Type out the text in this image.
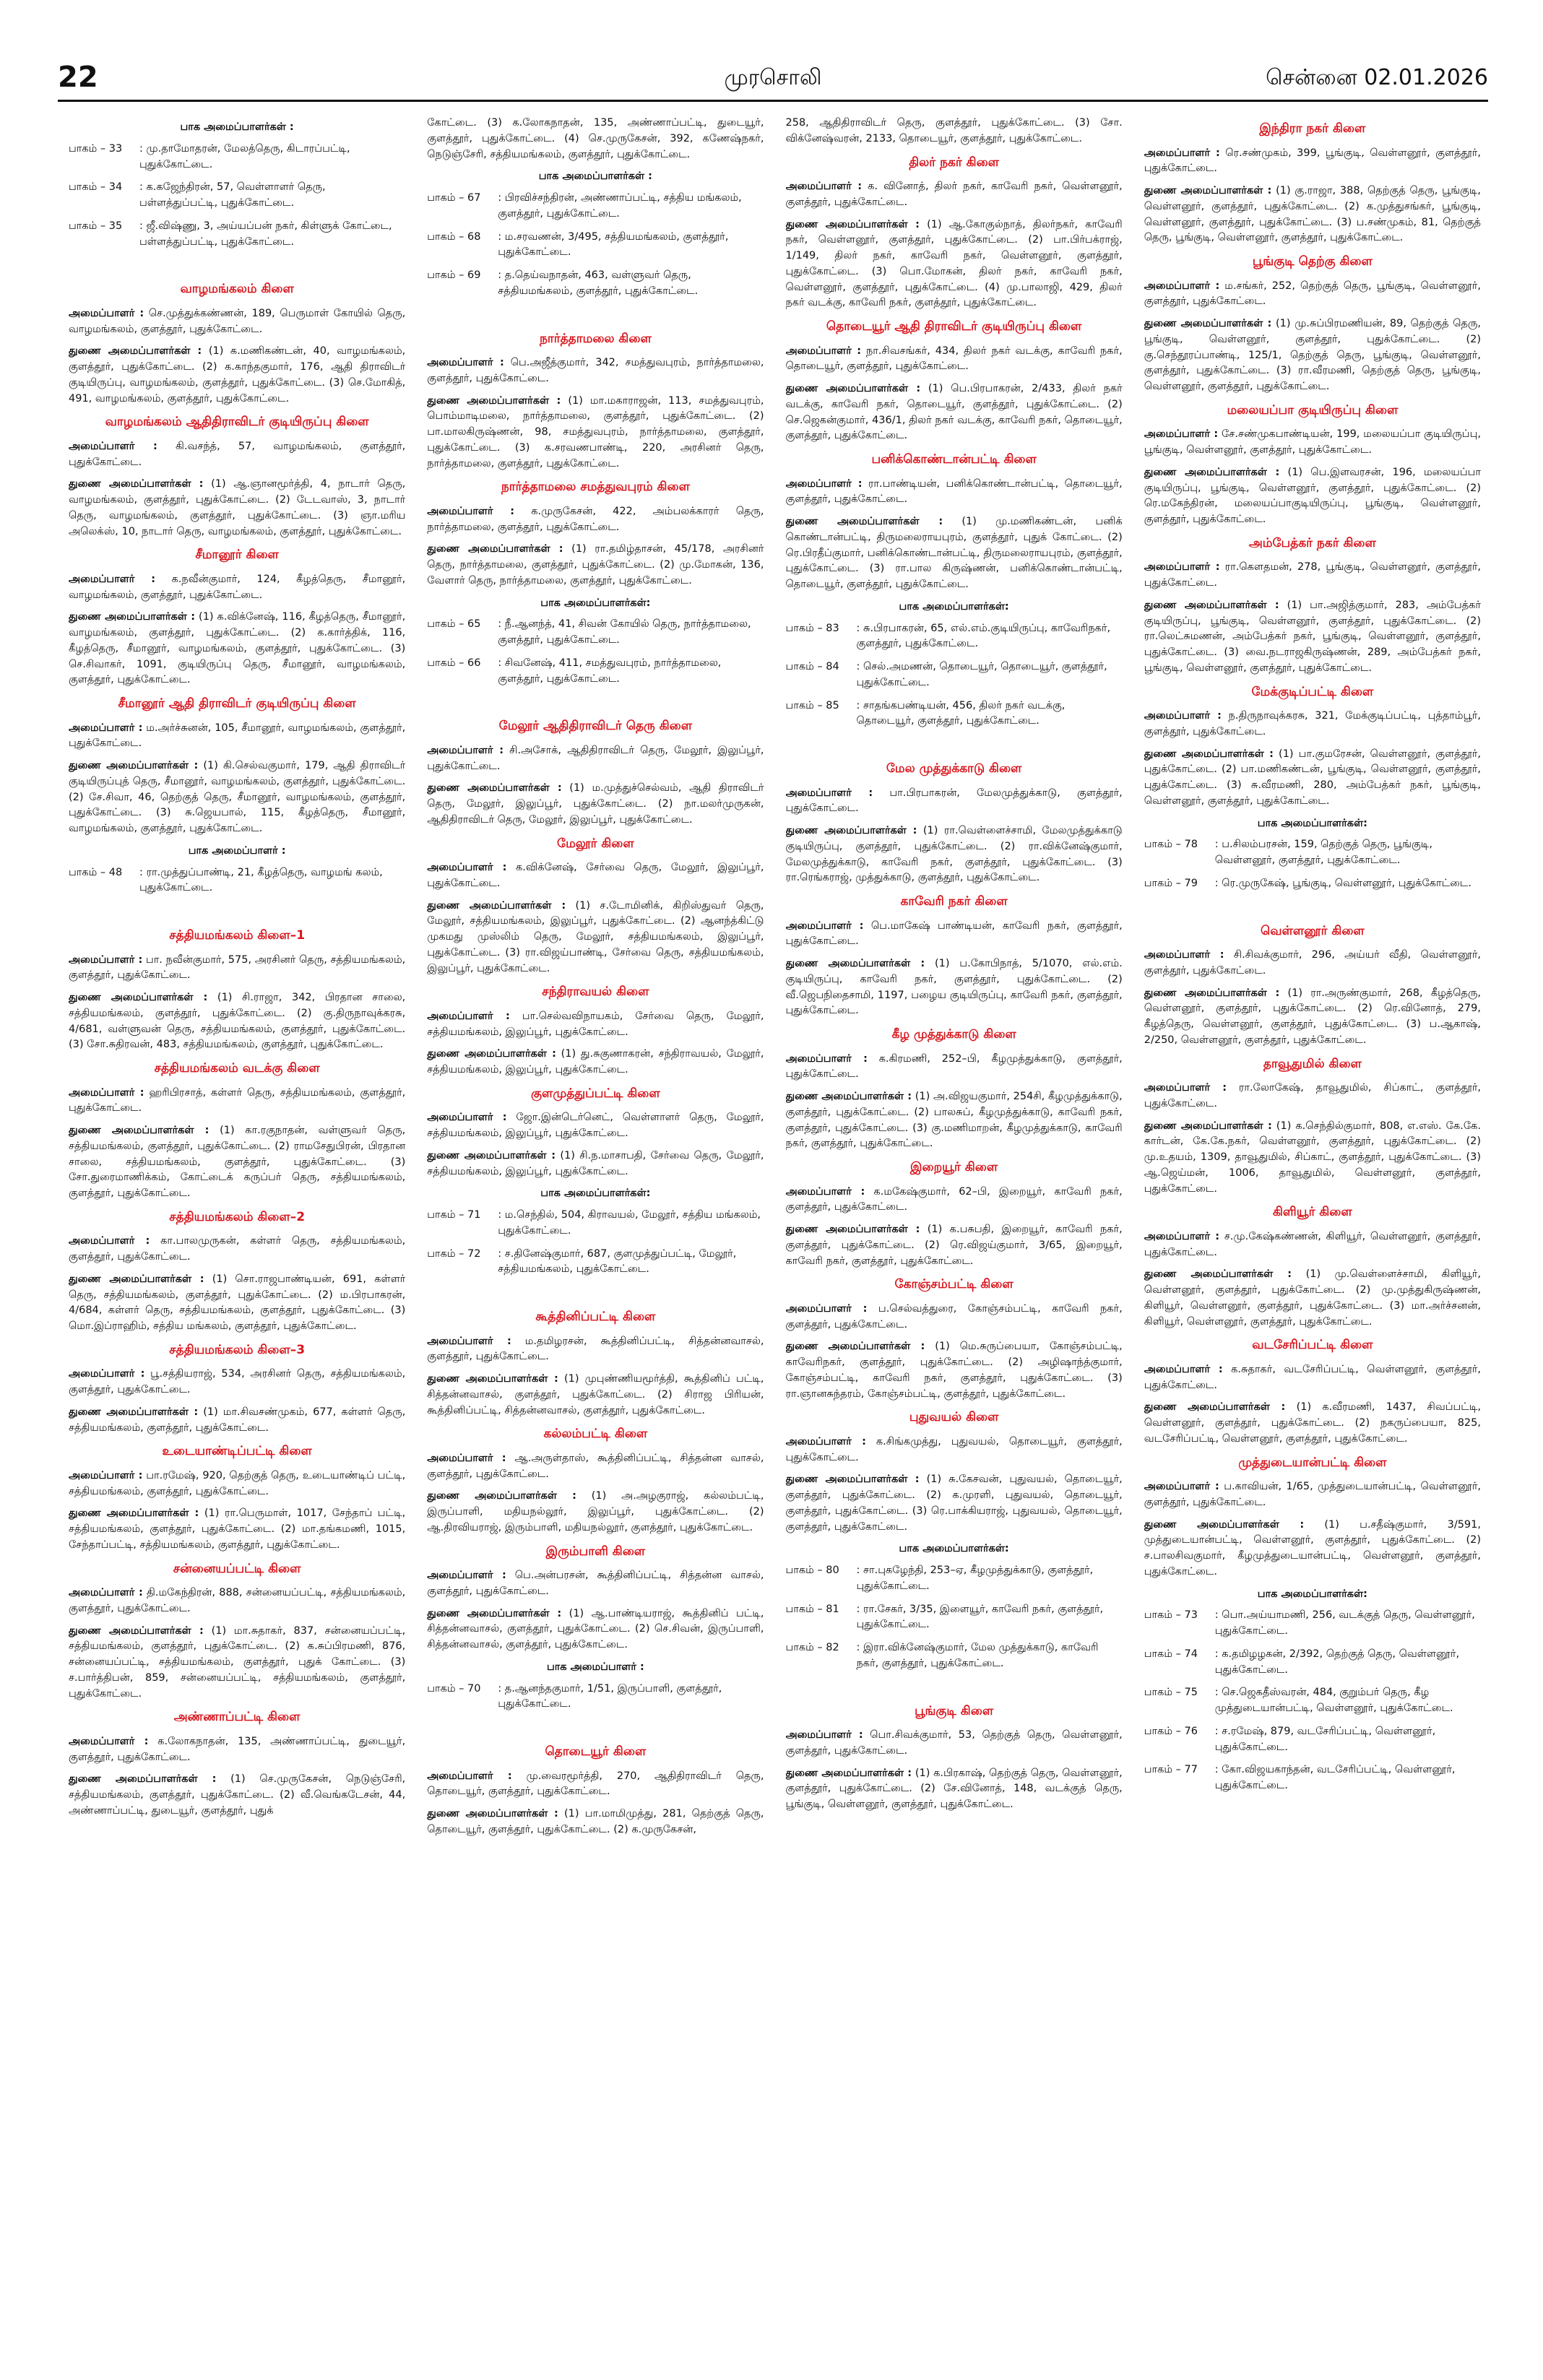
22	முரசொலி	சென்னை 02.01.2026
பாக அமைப்பாளர்கள் :
பாகம் – 33	: மு.தாமோதரன், மேலத்தெரு, கிடாரப்பட்டி, புதுக்கோட்டை.
பாகம் – 34	: க.கஜேந்திரன், 57, வெள்ளாளர் தெரு, பள்ளத்துப்பட்டி, புதுக்கோட்டை.
பாகம் – 35	: ஜீ.விஷ்ணு, 3, அய்யப்பன் நகர், கிள்ளுக் கோட்டை, பள்ளத்துப்பட்டி, புதுக்கோட்டை.
வாழமங்கலம் கிளை
அமைப்பாளர் : செ.முத்துக்கண்ணன், 189, பெருமாள் கோயில் தெரு, வாழமங்கலம், குளத்தூர், புதுக்கோட்டை.
துணை அமைப்பாளர்கள் : (1) க.மணிகண்டன், 40, வாழமங்கலம், குளத்தூர், புதுக்கோட்டை. (2) க.காந்தகுமார், 176, ஆதி திராவிடர் குடியிருப்பு, வாழமங்கலம், குளத்தூர், புதுக்கோட்டை. (3) செ.மோகித், 491, வாழமங்கலம், குளத்தூர், புதுக்கோட்டை.
வாழமங்கலம் ஆதிதிராவிடர் குடியிருப்பு கிளை
அமைப்பாளர் : கி.வசந்த், 57, வாழமங்கலம், குளத்தூர், புதுக்கோட்டை.
துணை அமைப்பாளர்கள் : (1) ஆ.ஞானமூர்த்தி, 4, நாடார் தெரு, வாழமங்கலம், குளத்தூர், புதுக்கோட்டை. (2) டேடவாஸ், 3, நாடார் தெரு, வாழமங்கலம், குளத்தூர், புதுக்கோட்டை. (3) ஞா.மரிய அலெக்ஸ், 10, நாடார் தெரு, வாழமங்கலம், குளத்தூர், புதுக்கோட்டை.
சீமானூர் கிளை
அமைப்பாளர் : க.நவீன்குமார், 124, கீழத்தெரு, சீமானூர், வாழமங்கலம், குளத்தூர், புதுக்கோட்டை.
துணை அமைப்பாளர்கள் : (1) க.விக்னேஷ், 116, கீழத்தெரு, சீமானூர், வாழமங்கலம், குளத்தூர், புதுக்கோட்டை. (2) க.கார்த்திக், 116, கீழத்தெரு, சீமானூர், வாழமங்கலம், குளத்தூர், புதுக்கோட்டை. (3) செ.சிவாகர், 1091, குடியிருப்பு தெரு, சீமானூர், வாழமங்கலம், குளத்தூர், புதுக்கோட்டை.
சீமானூர் ஆதி திராவிடர் குடியிருப்பு கிளை
அமைப்பாளர் : ம.அர்ச்சுனன், 105, சீமானூர், வாழமங்கலம், குளத்தூர், புதுக்கோட்டை.
துணை அமைப்பாளர்கள் : (1) கி.செல்வகுமார், 179, ஆதி திராவிடர் குடியிருப்புத் தெரு, சீமானூர், வாழமங்கலம், குளத்தூர், புதுக்கோட்டை. (2) சே.சிவா, 46, தெற்குத் தெரு, சீமானூர், வாழமங்கலம், குளத்தூர், புதுக்கோட்டை. (3) சு.ஜெயபால், 115, கீழத்தெரு, சீமானூர், வாழமங்கலம், குளத்தூர், புதுக்கோட்டை.
பாக அமைப்பாளர் :
பாகம் – 48	: ரா.முத்துப்பாண்டி, 21, கீழத்தெரு, வாழமங் கலம், புதுக்கோட்டை.
சத்தியமங்கலம் கிளை–1
அமைப்பாளர் : பா. நவீன்குமார், 575, அரசினர் தெரு, சத்தியமங்கலம், குளத்தூர், புதுக்கோட்டை.
துணை அமைப்பாளர்கள் : (1) சி.ராஜா, 342, பிரதான சாலை, சத்தியமங்கலம், குளத்தூர், புதுக்கோட்டை. (2) கு.திருநாவுக்கரசு, 4/681, வள்ளுவன் தெரு, சத்தியமங்கலம், குளத்தூர், புதுக்கோட்டை. (3) சோ.சுதிரவன், 483, சத்தியமங்கலம், குளத்தூர், புதுக்கோட்டை.
சத்தியமங்கலம் வடக்கு கிளை
அமைப்பாளர் : ஹரிபிரசாத், கள்ளர் தெரு, சத்தியமங்கலம், குளத்தூர், புதுக்கோட்டை.
துணை அமைப்பாளர்கள் : (1) கா.ரகுநாதன், வள்ளுவர் தெரு, சத்தியமங்கலம், குளத்தூர், புதுக்கோட்டை. (2) ராமசேதுபிரன், பிரதான சாலை, சத்தியமங்கலம், குளத்தூர், புதுக்கோட்டை. (3) சோ.துரைமாணிக்கம், கோட்டைக் கருப்பர் தெரு, சத்தியமங்கலம், குளத்தூர், புதுக்கோட்டை.
சத்தியமங்கலம் கிளை–2
அமைப்பாளர் : கா.பாலமுருகன், கள்ளர் தெரு, சத்தியமங்கலம், குளத்தூர், புதுக்கோட்டை.
துணை அமைப்பாளர்கள் : (1) சொ.ராஜபாண்டியன், 691, கள்ளர் தெரு, சத்தியமங்கலம், குளத்தூர், புதுக்கோட்டை. (2) ம.பிரபாகரன், 4/684, கள்ளர் தெரு, சத்தியமங்கலம், குளத்தூர், புதுக்கோட்டை. (3) மொ.இப்ராஹிம், சத்திய மங்கலம், குளத்தூர், புதுக்கோட்டை.
சத்தியமங்கலம் கிளை–3
அமைப்பாளர் : பூ.சத்தியராஜ், 534, அரசினர் தெரு, சத்தியமங்கலம், குளத்தூர், புதுக்கோட்டை.
துணை அமைப்பாளர்கள் : (1) மா.சிவசண்முகம், 677, கள்ளர் தெரு, சத்தியமங்கலம், குளத்தூர், புதுக்கோட்டை.
உடையாண்டிப்பட்டி கிளை
அமைப்பாளர் : பா.ரமேஷ், 920, தெற்குத் தெரு, உடையாண்டிப் பட்டி, சத்தியமங்கலம், குளத்தூர், புதுக்கோட்டை.
துணை அமைப்பாளர்கள் : (1) ரா.பெருமாள், 1017, சேந்தாப் பட்டி, சத்தியமங்கலம், குளத்தூர், புதுக்கோட்டை. (2) மா.தங்கமணி, 1015, சேந்தாப்பட்டி, சத்தியமங்கலம், குளத்தூர், புதுக்கோட்டை.
சன்னையப்பட்டி கிளை
அமைப்பாளர் : தி.மகேந்திரன், 888, சன்னையப்பட்டி, சத்தியமங்கலம், குளத்தூர், புதுக்கோட்டை.
துணை அமைப்பாளர்கள் : (1) மா.சுதாகர், 837, சன்னையப்பட்டி, சத்தியமங்கலம், குளத்தூர், புதுக்கோட்டை. (2) க.சுப்பிரமணி, 876, சன்னையப்பட்டி, சத்தியமங்கலம், குளத்தூர், புதுக் கோட்டை. (3) ச.பார்த்திபன், 859, சன்னையப்பட்டி, சத்தியமங்கலம், குளத்தூர், புதுக்கோட்டை.
அண்ணாப்பட்டி கிளை
அமைப்பாளர் : க.லோகநாதன், 135, அண்ணாப்பட்டி, துடையூர், குளத்தூர், புதுக்கோட்டை.
துணை அமைப்பாளர்கள் : (1) செ.முருகேசன், நெடுஞ்சேரி, சத்தியமங்கலம், குளத்தூர், புதுக்கோட்டை. (2) வீ.வெங்கடேசன், 44, அண்ணாப்பட்டி, துடையூர், குளத்தூர், புதுக்
கோட்டை. (3) க.லோகநாதன், 135, அண்ணாப்பட்டி, துடையூர், குளத்தூர், புதுக்கோட்டை. (4) செ.முருகேசன், 392, கணேஷ்நகர், நெடுஞ்சேரி, சத்தியமங்கலம், குளத்தூர், புதுக்கோட்டை.
பாக அமைப்பாளர்கள் :
பாகம் – 67	: பிரவிச்சந்திரன், அண்ணாப்பட்டி, சத்திய மங்கலம், குளத்தூர், புதுக்கோட்டை.
பாகம் – 68	: ம.சரவணன், 3/495, சத்தியமங்கலம், குளத்தூர், புதுக்கோட்டை.
பாகம் – 69	: த.தெய்வநாதன், 463, வள்ளுவர் தெரு, சத்தியமங்கலம், குளத்தூர், புதுக்கோட்டை.
நார்த்தாமலை கிளை
அமைப்பாளர் : பெ.அஜீத்குமார், 342, சமத்துவபுரம், நார்த்தாமலை, குளத்தூர், புதுக்கோட்டை.
துணை அமைப்பாளர்கள் : (1) மா.மகாராஜன், 113, சமத்துவபுரம், பொம்மாடிமலை, நார்த்தாமலை, குளத்தூர், புதுக்கோட்டை. (2) பா.மாலகிருஷ்ணன், 98, சமத்துவபுரம், நார்த்தாமலை, குளத்தூர், புதுக்கோட்டை. (3) க.சரவணபாண்டி, 220, அரசினர் தெரு, நார்த்தாமலை, குளத்தூர், புதுக்கோட்டை.
நார்த்தாமலை சமத்துவபுரம் கிளை
அமைப்பாளர் : க.முருகேசன், 422, அம்பலக்காரர் தெரு, நார்த்தாமலை, குளத்தூர், புதுக்கோட்டை.
துணை அமைப்பாளர்கள் : (1) ரா.தமிழ்தாசன், 45/178, அரசினர் தெரு, நார்த்தாமலை, குளத்தூர், புதுக்கோட்டை. (2) மு.மோகன், 136, வேளார் தெரு, நார்த்தாமலை, குளத்தூர், புதுக்கோட்டை.
பாக அமைப்பாளர்கள்:
பாகம் – 65	: நீ.ஆனந்த், 41, சிவன் கோயில் தெரு, நார்த்தாமலை, குளத்தூர், புதுக்கோட்டை.
பாகம் – 66	: சிவனேஷ், 411, சமத்துவபுரம், நார்த்தாமலை, குளத்தூர், புதுக்கோட்டை.
மேலூர் ஆதிதிராவிடர் தெரு கிளை
அமைப்பாளர் : சி.அசோக், ஆதிதிராவிடர் தெரு, மேலூர், இலுப்பூர், புதுக்கோட்டை.
துணை அமைப்பாளர்கள் : (1) ம.முத்துச்செல்வம், ஆதி திராவிடர் தெரு, மேலூர், இலுப்பூர், புதுக்கோட்டை. (2) நா.மலர்முருகன், ஆதிதிராவிடர் தெரு, மேலூர், இலுப்பூர், புதுக்கோட்டை.
மேலூர் கிளை
அமைப்பாளர் : க.விக்னேஷ், சேர்வை தெரு, மேலூர், இலுப்பூர், புதுக்கோட்டை.
துணை அமைப்பாளர்கள் : (1) ச.டோமினிக், கிறிஸ்துவர் தெரு, மேலூர், சத்தியமங்கலம், இலுப்பூர், புதுக்கோட்டை. (2) ஆனந்த்கிட்டு முகமது முஸ்லிம் தெரு, மேலூர், சத்தியமங்கலம், இலுப்பூர், புதுக்கோட்டை. (3) ரா.விஜய்பாண்டி, சேர்வை தெரு, சத்தியமங்கலம், இலுப்பூர், புதுக்கோட்டை.
சந்திராவயல் கிளை
அமைப்பாளர் : பா.செல்வவிநாயகம், சேர்வை தெரு, மேலூர், சத்தியமங்கலம், இலுப்பூர், புதுக்கோட்டை.
துணை அமைப்பாளர்கள் : (1) து.சுகுணாகரன், சந்திராவயல், மேலூர், சத்தியமங்கலம், இலுப்பூர், புதுக்கோட்டை.
குளமுத்துப்பட்டி கிளை
அமைப்பாளர் : ஜோ.இன்டெர்னெட், வெள்ளாளர் தெரு, மேலூர், சத்தியமங்கலம், இலுப்பூர், புதுக்கோட்டை.
துணை அமைப்பாளர்கள் : (1) சி.ந.மாசாபதி, சேர்வை தெரு, மேலூர், சத்தியமங்கலம், இலுப்பூர், புதுக்கோட்டை.
பாக அமைப்பாளர்கள்:
பாகம் – 71	: ம.செந்தில், 504, கிராவயல், மேலூர், சத்திய மங்கலம், புதுக்கோட்டை.
பாகம் – 72	: ச.தினேஷ்குமார், 687, குளமுத்துப்பட்டி, மேலூர், சத்தியமங்கலம், புதுக்கோட்டை.
கூத்தினிப்பட்டி கிளை
அமைப்பாளர் : ம.தமிழரசன், கூத்தினிப்பட்டி, சித்தன்னவாசல், குளத்தூர், புதுக்கோட்டை.
துணை அமைப்பாளர்கள் : (1) முபுண்ணியமூர்த்தி, கூத்தினிப் பட்டி, சித்தன்னவாசல், குளத்தூர், புதுக்கோட்டை. (2) சிராஜ பிரியன், கூத்தினிப்பட்டி, சித்தன்னவாசல், குளத்தூர், புதுக்கோட்டை.
கல்லம்பட்டி கிளை
அமைப்பாளர் : ஆ.அருள்தாஸ், கூத்தினிப்பட்டி, சித்தன்ன வாசல், குளத்தூர், புதுக்கோட்டை.
துணை அமைப்பாளர்கள் : (1) அ.அழகுராஜ், கல்லம்பட்டி, இருப்பாளி, மதியநல்லூர், இலுப்பூர், புதுக்கோட்டை. (2) ஆ.திரவியராஜ், இரும்பாளி, மதியநல்லூர், குளத்தூர், புதுக்கோட்டை.
இரும்பாளி கிளை
அமைப்பாளர் : பெ.அன்பரசன், கூத்தினிப்பட்டி, சித்தன்ன வாசல், குளத்தூர், புதுக்கோட்டை.
துணை அமைப்பாளர்கள் : (1) ஆ.பாண்டியராஜ், கூத்தினிப் பட்டி, சித்தன்னவாசல், குளத்தூர், புதுக்கோட்டை. (2) செ.சிவன், இருப்பாளி, சித்தன்னவாசல், குளத்தூர், புதுக்கோட்டை.
பாக அமைப்பாளர் :
பாகம் – 70	: த.ஆனந்தகுமார், 1/51, இருப்பாளி, குளத்தூர், புதுக்கோட்டை.
தொடையூர் கிளை
அமைப்பாளர் : மு.வைரமூர்த்தி, 270, ஆதிதிராவிடர் தெரு, தொடையூர், குளத்தூர், புதுக்கோட்டை.
துணை அமைப்பாளர்கள் : (1) பா.மாமிமுத்து, 281, தெற்குத் தெரு, தொடையூர், குளத்தூர், புதுக்கோட்டை. (2) க.முருகேசன்,
258, ஆதிதிராவிடர் தெரு, குளத்தூர், புதுக்கோட்டை. (3) சோ. விக்னேஷ்வரன், 2133, தொடையூர், குளத்தூர், புதுக்கோட்டை.
திலர் நகர் கிளை
அமைப்பாளர் : க. வினோத், திலர் நகர், காவேரி நகர், வெள்ளனூர், குளத்தூர், புதுக்கோட்டை.
துணை அமைப்பாளர்கள் : (1) ஆ.கோகுல்நாத், திலர்நகர், காவேரி நகர், வெள்ளனூர், குளத்தூர், புதுக்கோட்டை. (2) பா.பிர்பக்ராஜ், 1/149, திலர் நகர், காவேரி நகர், வெள்ளனூர், குளத்தூர், புதுக்கோட்டை. (3) பொ.மோகன், திலர் நகர், காவேரி நகர், வெள்ளனூர், குளத்தூர், புதுக்கோட்டை. (4) மு.பாலாஜி, 429, திலர் நகர் வடக்கு, காவேரி நகர், குளத்தூர், புதுக்கோட்டை.
தொடையூர் ஆதி திராவிடர் குடியிருப்பு கிளை
அமைப்பாளர் : நா.சிவசங்கர், 434, திலர் நகர் வடக்கு, காவேரி நகர், தொடையூர், குளத்தூர், புதுக்கோட்டை.
துணை அமைப்பாளர்கள் : (1) பெ.பிரபாகரன், 2/433, திலர் நகர் வடக்கு, காவேரி நகர், தொடையூர், குளத்தூர், புதுக்கோட்டை. (2) செ.ஜெகன்குமார், 436/1, திலர் நகர் வடக்கு, காவேரி நகர், தொடையூர், குளத்தூர், புதுக்கோட்டை.
பனிக்கொண்டான்பட்டி கிளை
அமைப்பாளர் : ரா.பாண்டியன், பனிக்கொண்டான்பட்டி, தொடையூர், குளத்தூர், புதுக்கோட்டை.
துணை அமைப்பாளர்கள் : (1) மு.மணிகண்டன், பனிக் கொண்டான்பட்டி, திருமலைராயபுரம், குளத்தூர், புதுக் கோட்டை. (2) ரெ.பிரதீப்குமார், பனிக்கொண்டான்பட்டி, திருமலைராயபுரம், குளத்தூர், புதுக்கோட்டை. (3) ரா.பால கிருஷ்ணன், பனிக்கொண்டான்பட்டி, தொடையூர், குளத்தூர், புதுக்கோட்டை.
பாக அமைப்பாளர்கள்:
பாகம் – 83	: சு.பிரபாகரன், 65, எல்.எம்.குடியிருப்பு, காவேரிநகர், குளத்தூர், புதுக்கோட்டை.
பாகம் – 84	: செல்.அமணன், தொடையூர், தொடையூர், குளத்தூர், புதுக்கோட்டை.
பாகம் – 85	: சாதங்கபண்டியன், 456, திலர் நகர் வடக்கு, தொடையூர், குளத்தூர், புதுக்கோட்டை.
மேல முத்துக்காடு கிளை
அமைப்பாளர் : பா.பிரபாகரன், மேலமுத்துக்காடு, குளத்தூர், புதுக்கோட்டை.
துணை அமைப்பாளர்கள் : (1) ரா.வெள்ளைச்சாமி, மேலமுத்துக்காடு குடியிருப்பு, குளத்தூர், புதுக்கோட்டை. (2) ரா.விக்னேஷ்குமார், மேலமுத்துக்காடு, காவேரி நகர், குளத்தூர், புதுக்கோட்டை. (3) ரா.ரெங்கராஜ், முத்துக்காடு, குளத்தூர், புதுக்கோட்டை.
காவேரி நகர் கிளை
அமைப்பாளர் : பெ.மாகேஷ் பாண்டியன், காவேரி நகர், குளத்தூர், புதுக்கோட்டை.
துணை அமைப்பாளர்கள் : (1) ப.கோபிநாத், 5/1070, எல்.எம். குடியிருப்பு, காவேரி நகர், குளத்தூர், புதுக்கோட்டை. (2) வீ.ஜெபநிதைசாமி, 1197, பழைய குடியிருப்பு, காவேரி நகர், குளத்தூர், புதுக்கோட்டை.
கீழ முத்துக்காடு கிளை
அமைப்பாளர் : க.கிரமணி, 252–பி, கீழமுத்துக்காடு, குளத்தூர், புதுக்கோட்டை.
துணை அமைப்பாளர்கள் : (1) அ.விஜயகுமார், 254சி, கீழமுத்துக்காடு, குளத்தூர், புதுக்கோட்டை. (2) பாலசுப், கீழமுத்துக்காடு, காவேரி நகர், குளத்தூர், புதுக்கோட்டை. (3) கு.மணிமாறன், கீழமுத்துக்காடு, காவேரி நகர், குளத்தூர், புதுக்கோட்டை.
இறையூர் கிளை
அமைப்பாளர் : க.மகேஷ்குமார், 62–பி, இறையூர், காவேரி நகர், குளத்தூர், புதுக்கோட்டை.
துணை அமைப்பாளர்கள் : (1) க.பசுபதி, இறையூர், காவேரி நகர், குளத்தூர், புதுக்கோட்டை. (2) ரெ.விஜய்குமார், 3/65, இறையூர், காவேரி நகர், குளத்தூர், புதுக்கோட்டை.
கோஞ்சம்பட்டி கிளை
அமைப்பாளர் : ப.செல்வத்துரை, கோஞ்சம்பட்டி, காவேரி நகர், குளத்தூர், புதுக்கோட்டை.
துணை அமைப்பாளர்கள் : (1) மெ.சுருப்பையா, கோஞ்சம்பட்டி, காவேரிநகர், குளத்தூர், புதுக்கோட்டை. (2) அழிஷாந்த்குமார், கோஞ்சம்பட்டி, காவேரி நகர், குளத்தூர், புதுக்கோட்டை. (3) ரா.ஞானசுந்தரம், கோஞ்சம்பட்டி, குளத்தூர், புதுக்கோட்டை.
புதுவயல் கிளை
அமைப்பாளர் : க.சிங்கமுத்து, புதுவயல், தொடையூர், குளத்தூர், புதுக்கோட்டை.
துணை அமைப்பாளர்கள் : (1) சு.கேசவன், புதுவயல், தொடையூர், குளத்தூர், புதுக்கோட்டை. (2) க.முரளி, புதுவயல், தொடையூர், குளத்தூர், புதுக்கோட்டை. (3) ரெ.பாக்கியராஜ், புதுவயல், தொடையூர், குளத்தூர், புதுக்கோட்டை.
பாக அமைப்பாளர்கள்:
பாகம் – 80	: சா.புகழேந்தி, 253–ஏ, கீழமுத்துக்காடு, குளத்தூர், புதுக்கோட்டை.
பாகம் – 81	: ரா.சேகர், 3/35, இளையூர், காவேரி நகர், குளத்தூர், புதுக்கோட்டை.
பாகம் – 82	: இரா.விக்னேஷ்குமார், மேல முத்துக்காடு, காவேரி நகர், குளத்தூர், புதுக்கோட்டை.
பூங்குடி கிளை
அமைப்பாளர் : பொ.சிவக்குமார், 53, தெற்குத் தெரு, வெள்ளனூர், குளத்தூர், புதுக்கோட்டை.
துணை அமைப்பாளர்கள் : (1) க.பிரகாஷ், தெற்குத் தெரு, வெள்ளனூர், குளத்தூர், புதுக்கோட்டை. (2) சே.வினோத், 148, வடக்குத் தெரு, பூங்குடி, வெள்ளனூர், குளத்தூர், புதுக்கோட்டை.
இந்திரா நகர் கிளை
அமைப்பாளர் : ரெ.சண்முகம், 399, பூங்குடி, வெள்ளனூர், குளத்தூர், புதுக்கோட்டை.
துணை அமைப்பாளர்கள் : (1) கு.ராஜா, 388, தெற்குத் தெரு, பூங்குடி, வெள்ளனூர், குளத்தூர், புதுக்கோட்டை. (2) க.முத்துசங்கர், பூங்குடி, வெள்ளனூர், குளத்தூர், புதுக்கோட்டை. (3) ப.சண்முகம், 81, தெற்குத் தெரு, பூங்குடி, வெள்ளனூர், குளத்தூர், புதுக்கோட்டை.
பூங்குடி தெற்கு கிளை
அமைப்பாளர் : ம.சங்கர், 252, தெற்குத் தெரு, பூங்குடி, வெள்ளனூர், குளத்தூர், புதுக்கோட்டை.
துணை அமைப்பாளர்கள் : (1) மு.சுப்பிரமணியன், 89, தெற்குத் தெரு, பூங்குடி, வெள்ளனூர், குளத்தூர், புதுக்கோட்டை. (2) கு.செந்தூரப்பாண்டி, 125/1, தெற்குத் தெரு, பூங்குடி, வெள்ளனூர், குளத்தூர், புதுக்கோட்டை. (3) ரா.வீரமணி, தெற்குத் தெரு, பூங்குடி, வெள்ளனூர், குளத்தூர், புதுக்கோட்டை.
மலையப்பா குடியிருப்பு கிளை
அமைப்பாளர் : சே.சண்முகபாண்டியன், 199, மலையப்பா குடியிருப்பு, பூங்குடி, வெள்ளனூர், குளத்தூர், புதுக்கோட்டை.
துணை அமைப்பாளர்கள் : (1) பெ.இளவரசன், 196, மலையப்பா குடியிருப்பு, பூங்குடி, வெள்ளனூர், குளத்தூர், புதுக்கோட்டை. (2) ரெ.மகேந்திரன், மலையப்பாகுடியிருப்பு, பூங்குடி, வெள்ளனூர், குளத்தூர், புதுக்கோட்டை.
அம்பேத்கர் நகர் கிளை
அமைப்பாளர் : ரா.கௌதமன், 278, பூங்குடி, வெள்ளனூர், குளத்தூர், புதுக்கோட்டை.
துணை அமைப்பாளர்கள் : (1) பா.அஜித்குமார், 283, அம்பேத்கர் குடியிருப்பு, பூங்குடி, வெள்ளனூர், குளத்தூர், புதுக்கோட்டை. (2) ரா.லெட்சுமணன், அம்பேத்கர் நகர், பூங்குடி, வெள்ளனூர், குளத்தூர், புதுக்கோட்டை. (3) வை.நடராஜகிருஷ்ணன், 289, அம்பேத்கர் நகர், பூங்குடி, வெள்ளனூர், குளத்தூர், புதுக்கோட்டை.
மேக்குடிப்பட்டி கிளை
அமைப்பாளர் : ந.திருநாவுக்கரசு, 321, மேக்குடிப்பட்டி, புத்தாம்பூர், குளத்தூர், புதுக்கோட்டை.
துணை அமைப்பாளர்கள் : (1) பா.குமரேசன், வெள்ளனூர், குளத்தூர், புதுக்கோட்டை. (2) பா.மணிகண்டன், பூங்குடி, வெள்ளனூர், குளத்தூர், புதுக்கோட்டை. (3) சு.வீரமணி, 280, அம்பேத்கர் நகர், பூங்குடி, வெள்ளனூர், குளத்தூர், புதுக்கோட்டை.
பாக அமைப்பாளர்கள்:
பாகம் – 78	: ப.சிலம்பரசன், 159, தெற்குத் தெரு, பூங்குடி, வெள்ளனூர், குளத்தூர், புதுக்கோட்டை.
பாகம் – 79	: ரெ.முருகேஷ், பூங்குடி, வெள்ளனூர், புதுக்கோட்டை.
வெள்ளனூர் கிளை
அமைப்பாளர் : சி.சிவக்குமார், 296, அய்யர் வீதி, வெள்ளனூர், குளத்தூர், புதுக்கோட்டை.
துணை அமைப்பாளர்கள் : (1) ரா.அருண்குமார், 268, கீழத்தெரு, வெள்ளனூர், குளத்தூர், புதுக்கோட்டை. (2) ரெ.வினோத், 279, கீழத்தெரு, வெள்ளனூர், குளத்தூர், புதுக்கோட்டை. (3) ப.ஆகாஷ், 2/250, வெள்ளனூர், குளத்தூர், புதுக்கோட்டை.
தாவூதுமில் கிளை
அமைப்பாளர் : ரா.லோகேஷ், தாவூதுமில், சிப்காட், குளத்தூர், புதுக்கோட்டை.
துணை அமைப்பாளர்கள் : (1) க.செந்தில்குமார், 808, எ.எஸ். கே.கே. கார்டன், கே.கே.நகர், வெள்ளனூர், குளத்தூர், புதுக்கோட்டை. (2) மு.உதயம், 1309, தாவூதுமில், சிப்காட், குளத்தூர், புதுக்கோட்டை. (3) ஆ.ஜெய்மன், 1006, தாவூதுமில், வெள்ளனூர், குளத்தூர், புதுக்கோட்டை.
கிளியூர் கிளை
அமைப்பாளர் : ச.மு.கேஷ்கண்ணன், கிளியூர், வெள்ளனூர், குளத்தூர், புதுக்கோட்டை.
துணை அமைப்பாளர்கள் : (1) மு.வெள்ளைச்சாமி, கிளியூர், வெள்ளனூர், குளத்தூர், புதுக்கோட்டை. (2) மு.முத்துகிருஷ்ணன், கிளியூர், வெள்ளனூர், குளத்தூர், புதுக்கோட்டை. (3) மா.அர்ச்சனன், கிளியூர், வெள்ளனூர், குளத்தூர், புதுக்கோட்டை.
வடசேரிப்பட்டி கிளை
அமைப்பாளர் : க.சுதாகர், வடசேரிப்பட்டி, வெள்ளனூர், குளத்தூர், புதுக்கோட்டை.
துணை அமைப்பாளர்கள் : (1) க.வீரமணி, 1437, சிவப்பட்டி, வெள்ளனூர், குளத்தூர், புதுக்கோட்டை. (2) நகருப்பையா, 825, வடசேரிப்பட்டி, வெள்ளனூர், குளத்தூர், புதுக்கோட்டை.
முத்துடையான்பட்டி கிளை
அமைப்பாளர் : ப.காவியன், 1/65, முத்துடையான்பட்டி, வெள்ளனூர், குளத்தூர், புதுக்கோட்டை.
துணை அமைப்பாளர்கள் : (1) ப.சதீஷ்குமார், 3/591, முத்துடையான்பட்டி, வெள்ளனூர், குளத்தூர், புதுக்கோட்டை. (2) ச.பாலசிவகுமார், கீழமுத்துடையான்பட்டி, வெள்ளனூர், குளத்தூர், புதுக்கோட்டை.
பாக அமைப்பாளர்கள்:
பாகம் – 73	: பொ.அய்யாமணி, 256, வடக்குத் தெரு, வெள்ளனூர், புதுக்கோட்டை.
பாகம் – 74	: க.தமிழழகன், 2/392, தெற்குத் தெரு, வெள்ளனூர், புதுக்கோட்டை.
பாகம் – 75	: செ.ஜெகதீஸ்வரன், 484, குறும்பர் தெரு, கீழ முத்துடையான்பட்டி, வெள்ளனூர், புதுக்கோட்டை.
பாகம் – 76	: ச.ரமேஷ், 879, வடசேரிப்பட்டி, வெள்ளனூர், புதுக்கோட்டை.
பாகம் – 77	: கோ.விஜயகாந்தன், வடசேரிப்பட்டி, வெள்ளனூர், புதுக்கோட்டை.
